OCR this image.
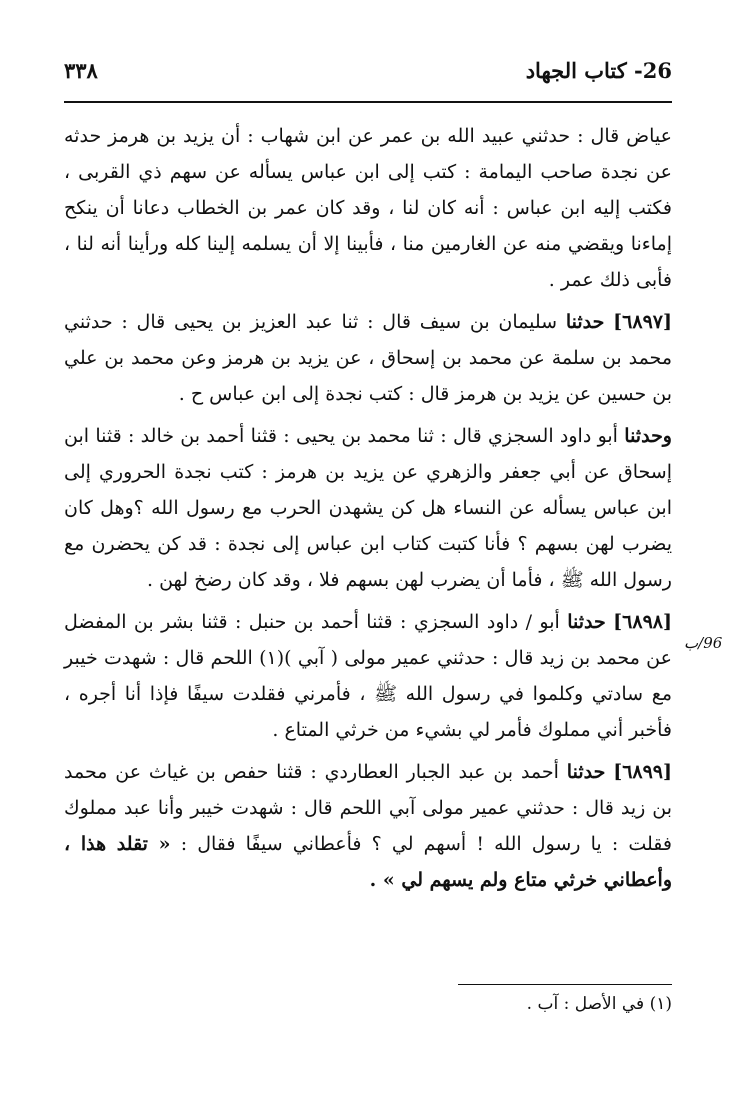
26- كتاب الجهاد
٣٣٨

عياض قال : حدثني عبيد الله بن عمر عن ابن شهاب : أن يزيد بن هرمز حدثه عن نجدة صاحب اليمامة : كتب إلى ابن عباس يسأله عن سهم ذي القربى ، فكتب إليه ابن عباس : أنه كان لنا ، وقد كان عمر بن الخطاب دعانا أن ينكح إماءنا ويقضي منه عن الغارمين منا ، فأبينا إلا أن يسلمه إلينا كله ورأينا أنه لنا ، فأبى ذلك عمر .

[٦٨٩٧] حدثنا سليمان بن سيف قال : ثنا عبد العزيز بن يحيى قال : حدثني محمد بن سلمة عن محمد بن إسحاق ، عن يزيد بن هرمز وعن محمد بن علي بن حسين عن يزيد بن هرمز قال : كتب نجدة إلى ابن عباس ح .

وحدثنا أبو داود السجزي قال : ثنا محمد بن يحيى : قثنا أحمد بن خالد : قثنا ابن إسحاق عن أبي جعفر والزهري عن يزيد بن هرمز : كتب نجدة الحروري إلى ابن عباس يسأله عن النساء هل كن يشهدن الحرب مع رسول الله ؟وهل كان يضرب لهن بسهم ؟ فأنا كتبت كتاب ابن عباس إلى نجدة : قد كن يحضرن مع رسول الله ﷺ ، فأما أن يضرب لهن بسهم فلا ، وقد كان رضخ لهن .

[٦٨٩٨] حدثنا أبو / داود السجزي : قثنا أحمد بن حنبل : قثنا بشر بن المفضل عن محمد بن زيد قال : حدثني عمير مولى ( آبي )(١) اللحم قال : شهدت خيبر مع سادتي وكلموا في رسول الله ﷺ ، فأمرني فقلدت سيفًا فإذا أنا أجره ، فأخبر أني مملوك فأمر لي بشيء من خرثي المتاع .

[٦٨٩٩] حدثنا أحمد بن عبد الجبار العطاردي : قثنا حفص بن غياث عن محمد بن زيد قال : حدثني عمير مولى آبي اللحم قال : شهدت خيبر وأنا عبد مملوك فقلت : يا رسول الله ! أسهم لي ؟ فأعطاني سيفًا فقال : « تقلد هذا ، وأعطاني خرثي متاع ولم يسهم لي » .

96/ب
(١) في الأصل : آب .
